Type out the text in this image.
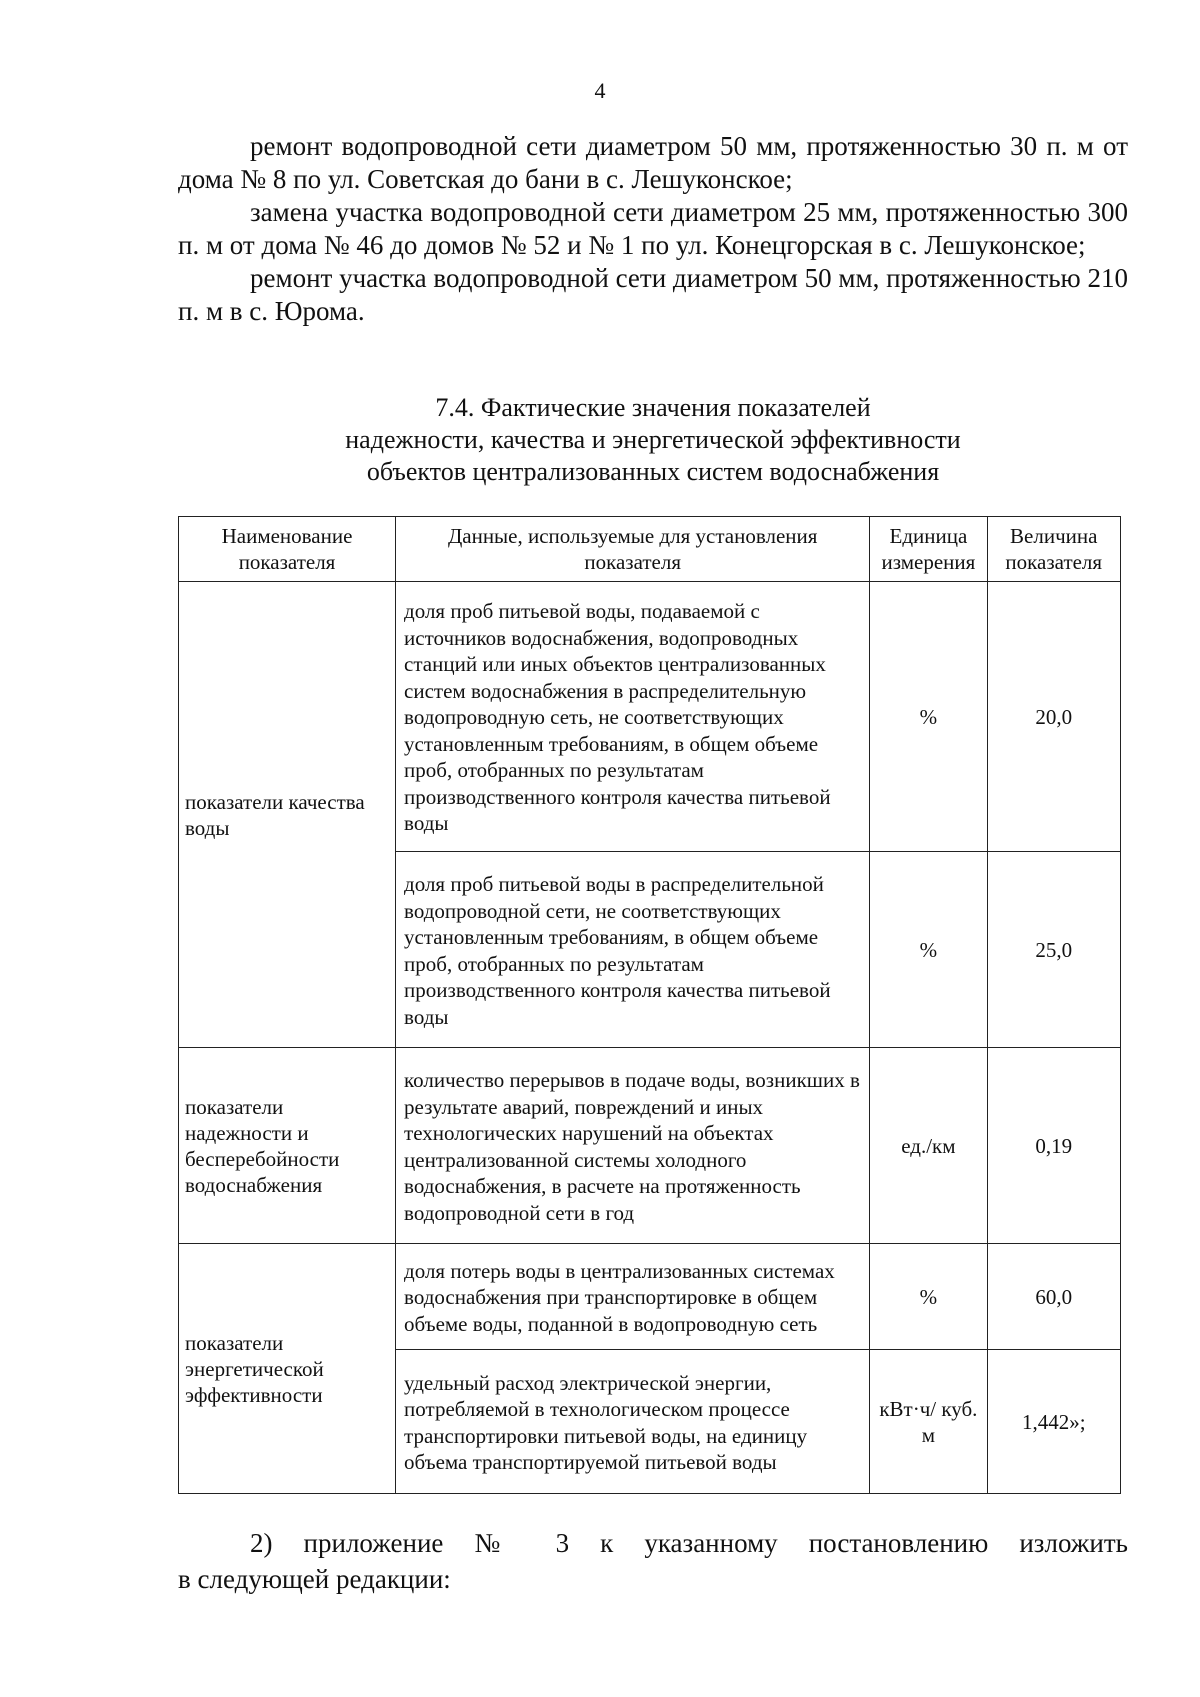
4

ремонт водопроводной сети диаметром 50 мм, протяженностью 30 п. м от дома № 8 по ул. Советская до бани в с. Лешуконское;

замена участка водопроводной сети диаметром 25 мм, протяженностью 300 п. м от дома № 46 до домов № 52 и № 1 по ул. Конецгорская в с. Лешуконское;

ремонт участка водопроводной сети диаметром 50 мм, протяженностью 210 п. м в с. Юрома.

7.4. Фактические значения показателей
надежности, качества и энергетической эффективности
объектов централизованных систем водоснабжения
Наименование показателя	Данные, используемые для установления показателя	Единица измерения	Величина показателя
показатели качества воды	доля проб питьевой воды, подаваемой с источников водоснабжения, водопроводных станций или иных объектов централизованных систем водоснабжения в распределительную водопроводную сеть, не соответствующих установленным требованиям, в общем объеме проб, отобранных по результатам производственного контроля качества питьевой воды	%	20,0
	доля проб питьевой воды в распределительной водопроводной сети, не соответствующих установленным требованиям, в общем объеме проб, отобранных по результатам производственного контроля качества питьевой воды	%	25,0
показатели надежности и бесперебойности водоснабжения	количество перерывов в подаче воды, возникших в результате аварий, повреждений и иных технологических нарушений на объектах централизованной системы холодного водоснабжения, в расчете на протяженность водопроводной сети в год	ед./км	0,19
показатели энергетической эффективности	доля потерь воды в централизованных системах водоснабжения при транспортировке в общем объеме воды, поданной в водопроводную сеть	%	60,0
	удельный расход электрической энергии, потребляемой в технологическом процессе транспортировки питьевой воды, на единицу объема транспортируемой питьевой воды	кВт·ч/ куб. м	1,442»;

2) приложение № 3 к указанному постановлению изложить

в следующей редакции:
